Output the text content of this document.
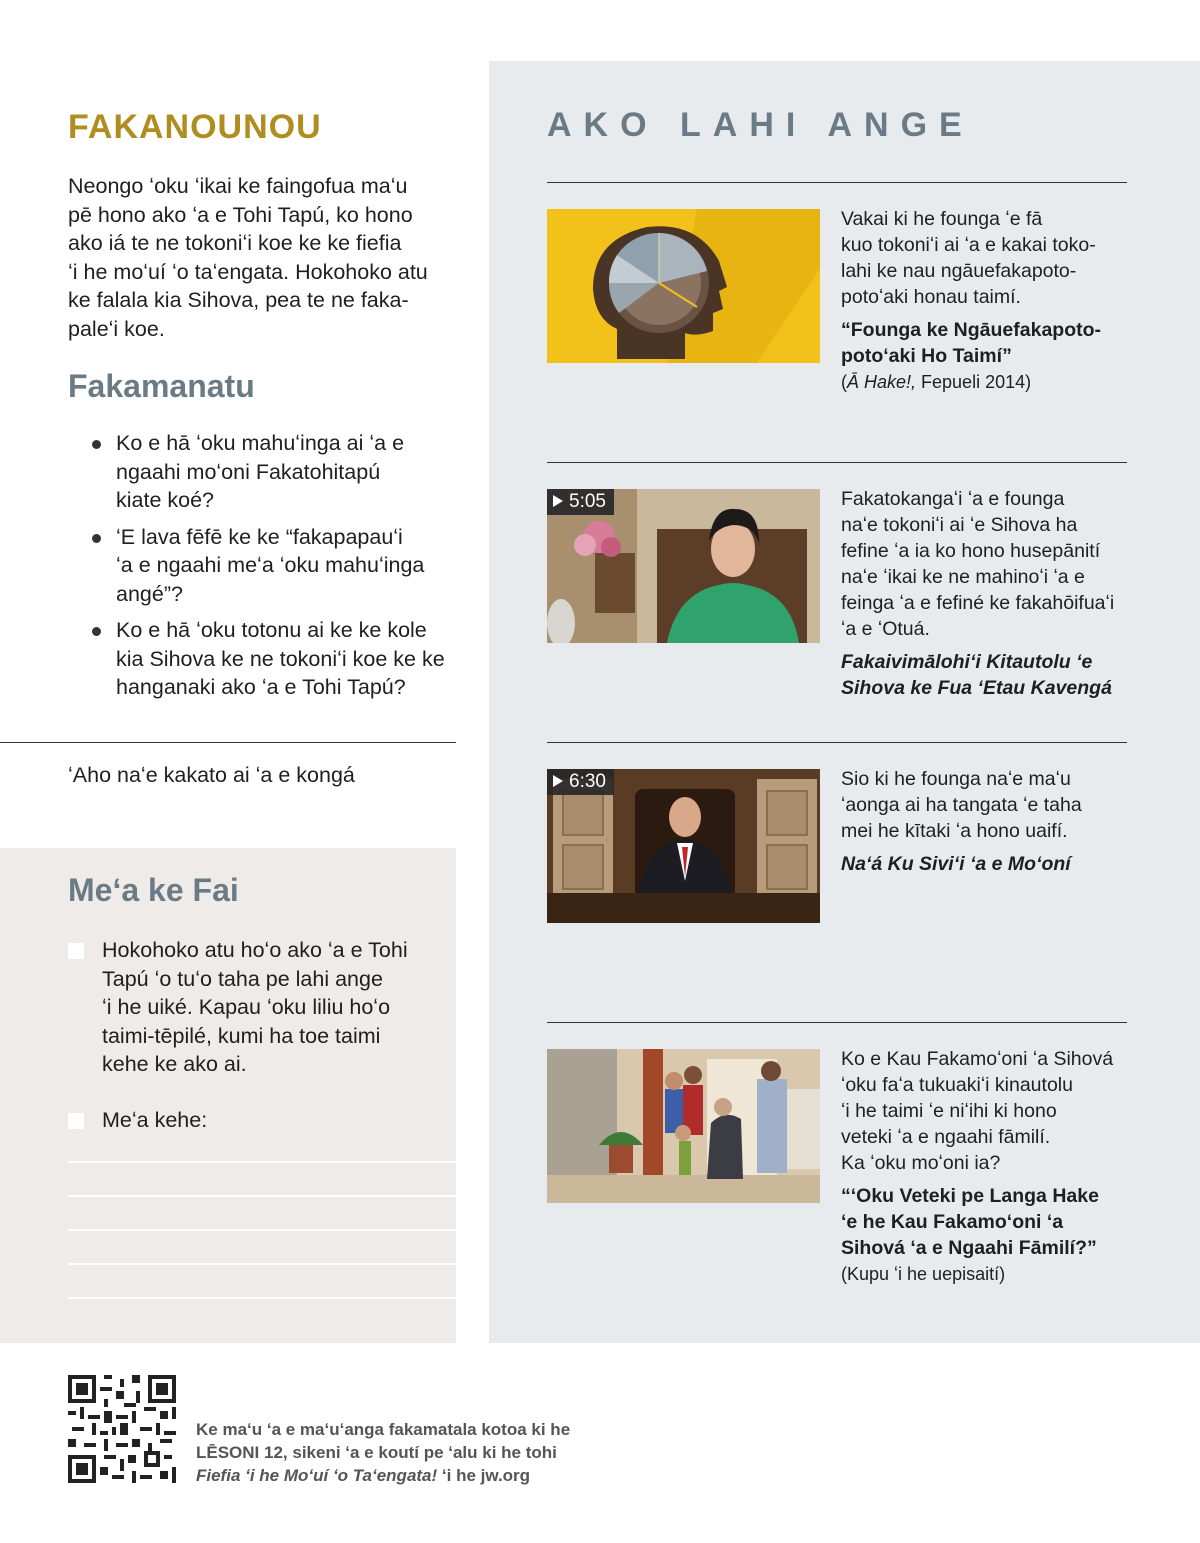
FAKANOUNOU
Neongo ʻoku ʻikai ke faingofua maʻu
pē hono ako ʻa e Tohi Tapú, ko hono
ako iá te ne tokoniʻi koe ke ke fiefia
ʻi he moʻuí ʻo taʻengata. Hokohoko atu
ke falala kia Sihova, pea te ne faka-
paleʻi koe.
Fakamanatu
Ko e hā ʻoku mahuʻinga ai ʻa e
ngaahi moʻoni Fakatohitapú
kiate koé?
ʻE lava fēfē ke ke “fakapapauʻi
ʻa e ngaahi meʻa ʻoku mahuʻinga
angé”?
Ko e hā ʻoku totonu ai ke ke kole
kia Sihova ke ne tokoniʻi koe ke ke
hanganaki ako ʻa e Tohi Tapú?
ʻAho naʻe kakato ai ʻa e kongá
Meʻa ke Fai
Hokohoko atu hoʻo ako ʻa e Tohi
Tapú ʻo tuʻo taha pe lahi ange
ʻi he uiké. Kapau ʻoku liliu hoʻo
taimi-tēpilé, kumi ha toe taimi
kehe ke ako ai.
Meʻa kehe:
AKO LAHI ANGE
Vakai ki he founga ʻe fā
kuo tokoniʻi ai ʻa e kakai toko-
lahi ke nau ngāuefakapoto-
potoʻaki honau taimí.
“Founga ke Ngāuefakapoto-
potoʻaki Ho Taimí”
(Ā Hake!, Fepueli 2014)
5:05	Fakatokangaʻi ʻa e founga
naʻe tokoniʻi ai ʻe Sihova ha
fefine ʻa ia ko hono husepānití
naʻe ʻikai ke ne mahinoʻi ʻa e
feinga ʻa e fefiné ke fakahōifuaʻi
ʻa e ʻOtuá.
Fakaivimālohiʻi Kitautolu ʻe
Sihova ke Fua ʻEtau Kavengá
6:30	Sio ki he founga naʻe maʻu
ʻaonga ai ha tangata ʻe taha
mei he kītaki ʻa hono uaifí.
Naʻá Ku Siviʻi ʻa e Moʻoní
Ko e Kau Fakamoʻoni ʻa Sihová
ʻoku faʻa tukuakiʻi kinautolu
ʻi he taimi ʻe niʻihi ki hono
veteki ʻa e ngaahi fāmilí.
Ka ʻoku moʻoni ia?
“ʻOku Veteki pe Langa Hake
ʻe he Kau Fakamoʻoni ʻa
Sihová ʻa e Ngaahi Fāmilí?”
(Kupu ʻi he uepisaití)
Ke maʻu ʻa e maʻuʻanga fakamatala kotoa ki he
LĒSONI 12, sikeni ʻa e koutí pe ʻalu ki he tohi
Fiefia ʻi he Moʻuí ʻo Taʻengata! ʻi he jw.org
